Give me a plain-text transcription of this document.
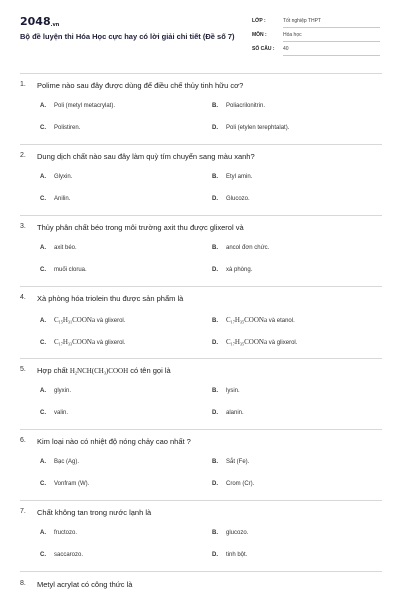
$2048_{.vn}$
Bộ đề luyện thi Hóa Học cực hay có lời giải chi tiết (Đề số 7)
LỚP :	Tốt nghiệp THPT
MÔN :	Hóa học
SỐ CÂU : 40
1. Polime nào sau đây được dùng để điều chế thủy tinh hữu cơ?
A. Poli (metyl metacrylat).	B. Poliacrilonitrin.
C. Polistiren.	D. Poli (etylen terephtalat).
2. Dung dịch chất nào sau đây làm quỳ tím chuyển sang màu xanh?
A. Glyxin.	B. Etyl amin.
C. Anilin.	D. Glucozo.
3. Thủy phân chất béo trong môi trường axit thu được glixerol và
A. axit béo.	B. ancol đơn chức.
C. muối clorua.	D. xà phòng.
4. Xà phòng hóa triolein thu được sản phẩm là
A. $C_{15}H_{31}COONa$ và glixerol.	B. $C_{17}H_{35}COONa$ và etanol.
C. $C_{17}H_{33}COONa$ và glixerol.	D. $C_{17}H_{35}COONa$ và glixerol.
5. Hợp chất $H_2NCH(CH_3)COOH$ có tên gọi là
A. glyxin.	B. lysin.
C. valin.	D. alanin.
6. Kim loại nào có nhiệt độ nóng chảy cao nhất ?
A. Bạc (Ag).	B. Sắt (Fe).
C. Vonfram (W).	D. Crom (Cr).
7. Chất không tan trong nước lạnh là
A. fructozo.	B. glucozo.
C. saccarozo.	D. tinh bột.
8. Metyl acrylat có công thức là
